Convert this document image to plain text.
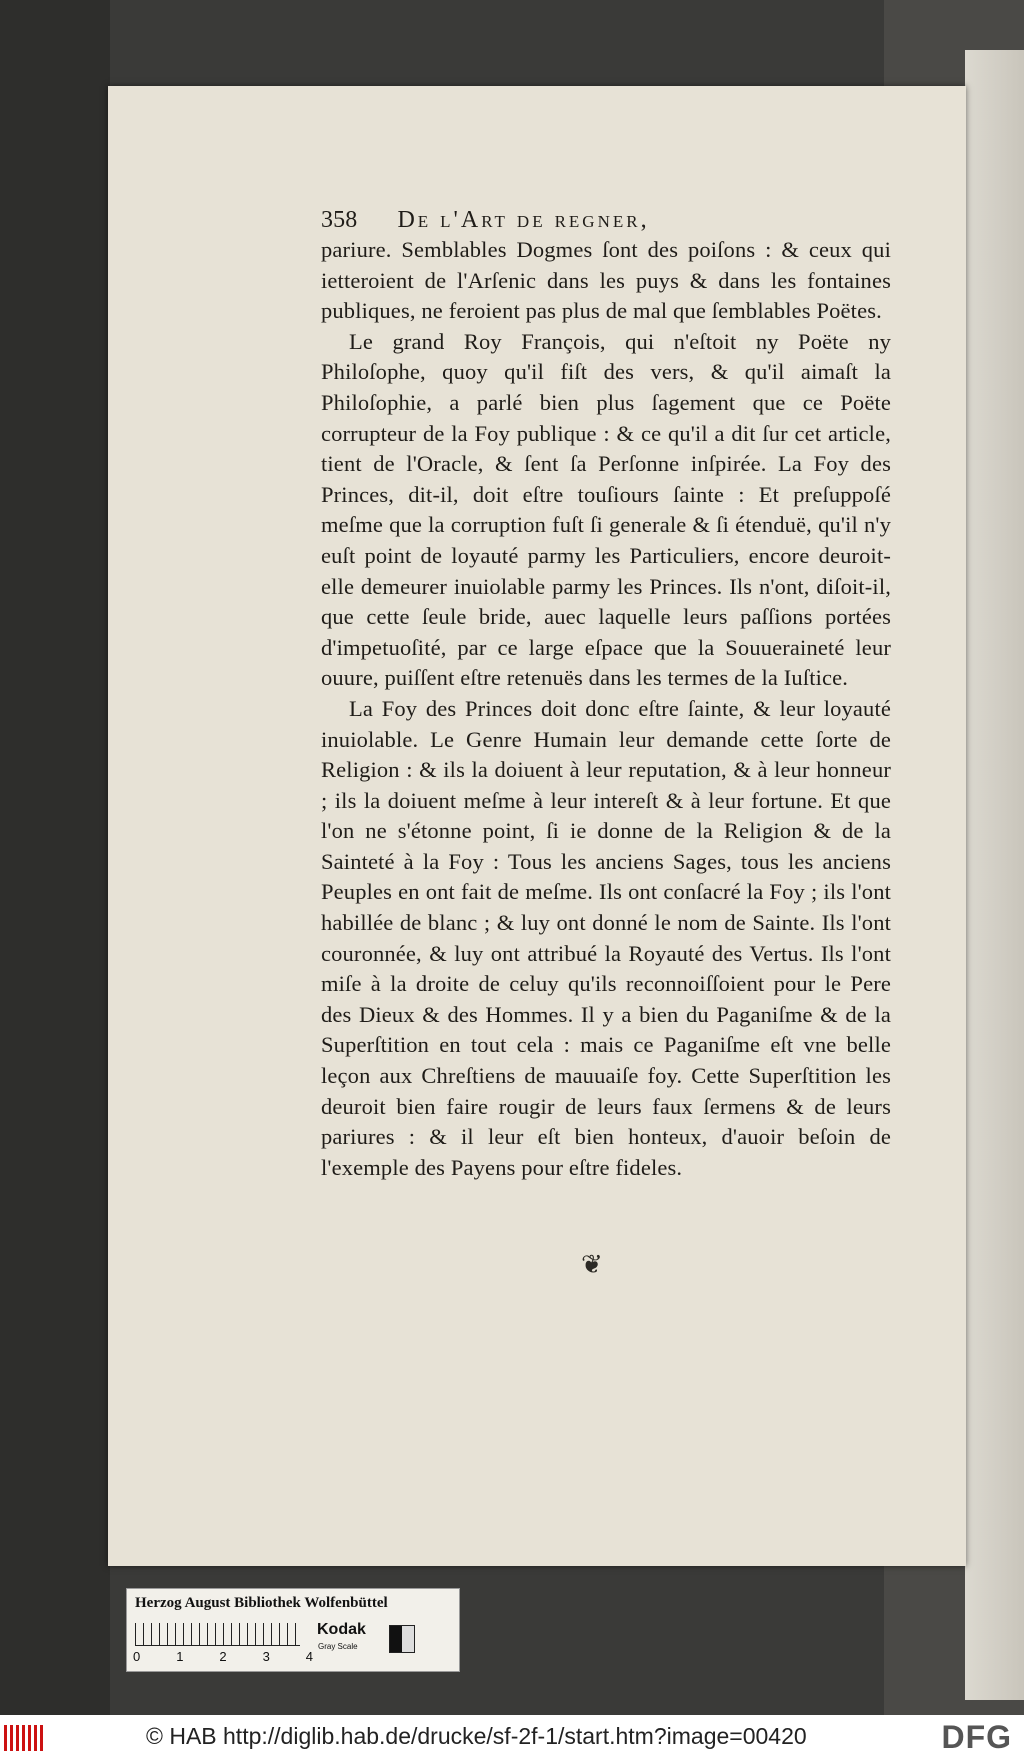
358 De l'Art de regner,

pariure. Semblables Dogmes ſont des poiſons : & ceux qui ietteroient de l'Arſenic dans les puys & dans les fontaines publiques, ne feroient pas plus de mal que ſemblables Poëtes.

Le grand Roy François, qui n'eſtoit ny Poëte ny Philoſophe, quoy qu'il fiſt des vers, & qu'il aimaſt la Philoſophie, a parlé bien plus ſagement que ce Poëte corrupteur de la Foy publique : & ce qu'il a dit ſur cet article, tient de l'Oracle, & ſent ſa Perſonne inſpirée. La Foy des Princes, dit-il, doit eſtre touſiours ſainte : Et preſuppoſé meſme que la corruption fuſt ſi generale & ſi étenduë, qu'il n'y euſt point de loyauté parmy les Particuliers, encore deuroit-elle demeurer inuiolable parmy les Princes. Ils n'ont, diſoit-il, que cette ſeule bride, auec laquelle leurs paſſions portées d'impetuoſité, par ce large eſpace que la Souueraineté leur ouure, puiſſent eſtre retenuës dans les termes de la Iuſtice.

La Foy des Princes doit donc eſtre ſainte, & leur loyauté inuiolable. Le Genre Humain leur demande cette ſorte de Religion : & ils la doiuent à leur reputation, & à leur honneur ; ils la doiuent meſme à leur intereſt & à leur fortune. Et que l'on ne s'étonne point, ſi ie donne de la Religion & de la Sainteté à la Foy : Tous les anciens Sages, tous les anciens Peuples en ont fait de meſme. Ils ont conſacré la Foy ; ils l'ont habillée de blanc ; & luy ont donné le nom de Sainte. Ils l'ont couronnée, & luy ont attribué la Royauté des Vertus. Ils l'ont miſe à la droite de celuy qu'ils reconnoiſſoient pour le Pere des Dieux & des Hommes. Il y a bien du Paganiſme & de la Superſtition en tout cela : mais ce Paganiſme eſt vne belle leçon aux Chreſtiens de mauuaiſe foy. Cette Superſtition les deuroit bien faire rougir de leurs faux ſermens & de leurs pariures : & il leur eſt bien honteux, d'auoir beſoin de l'exemple des Payens pour eſtre fideles.

❦
Herzog August Bibliothek Wolfenbüttel
0	1	2	3	4
Kodak
Gray Scale
© HAB http://diglib.hab.de/drucke/sf-2f-1/start.htm?image=00420	DFG
